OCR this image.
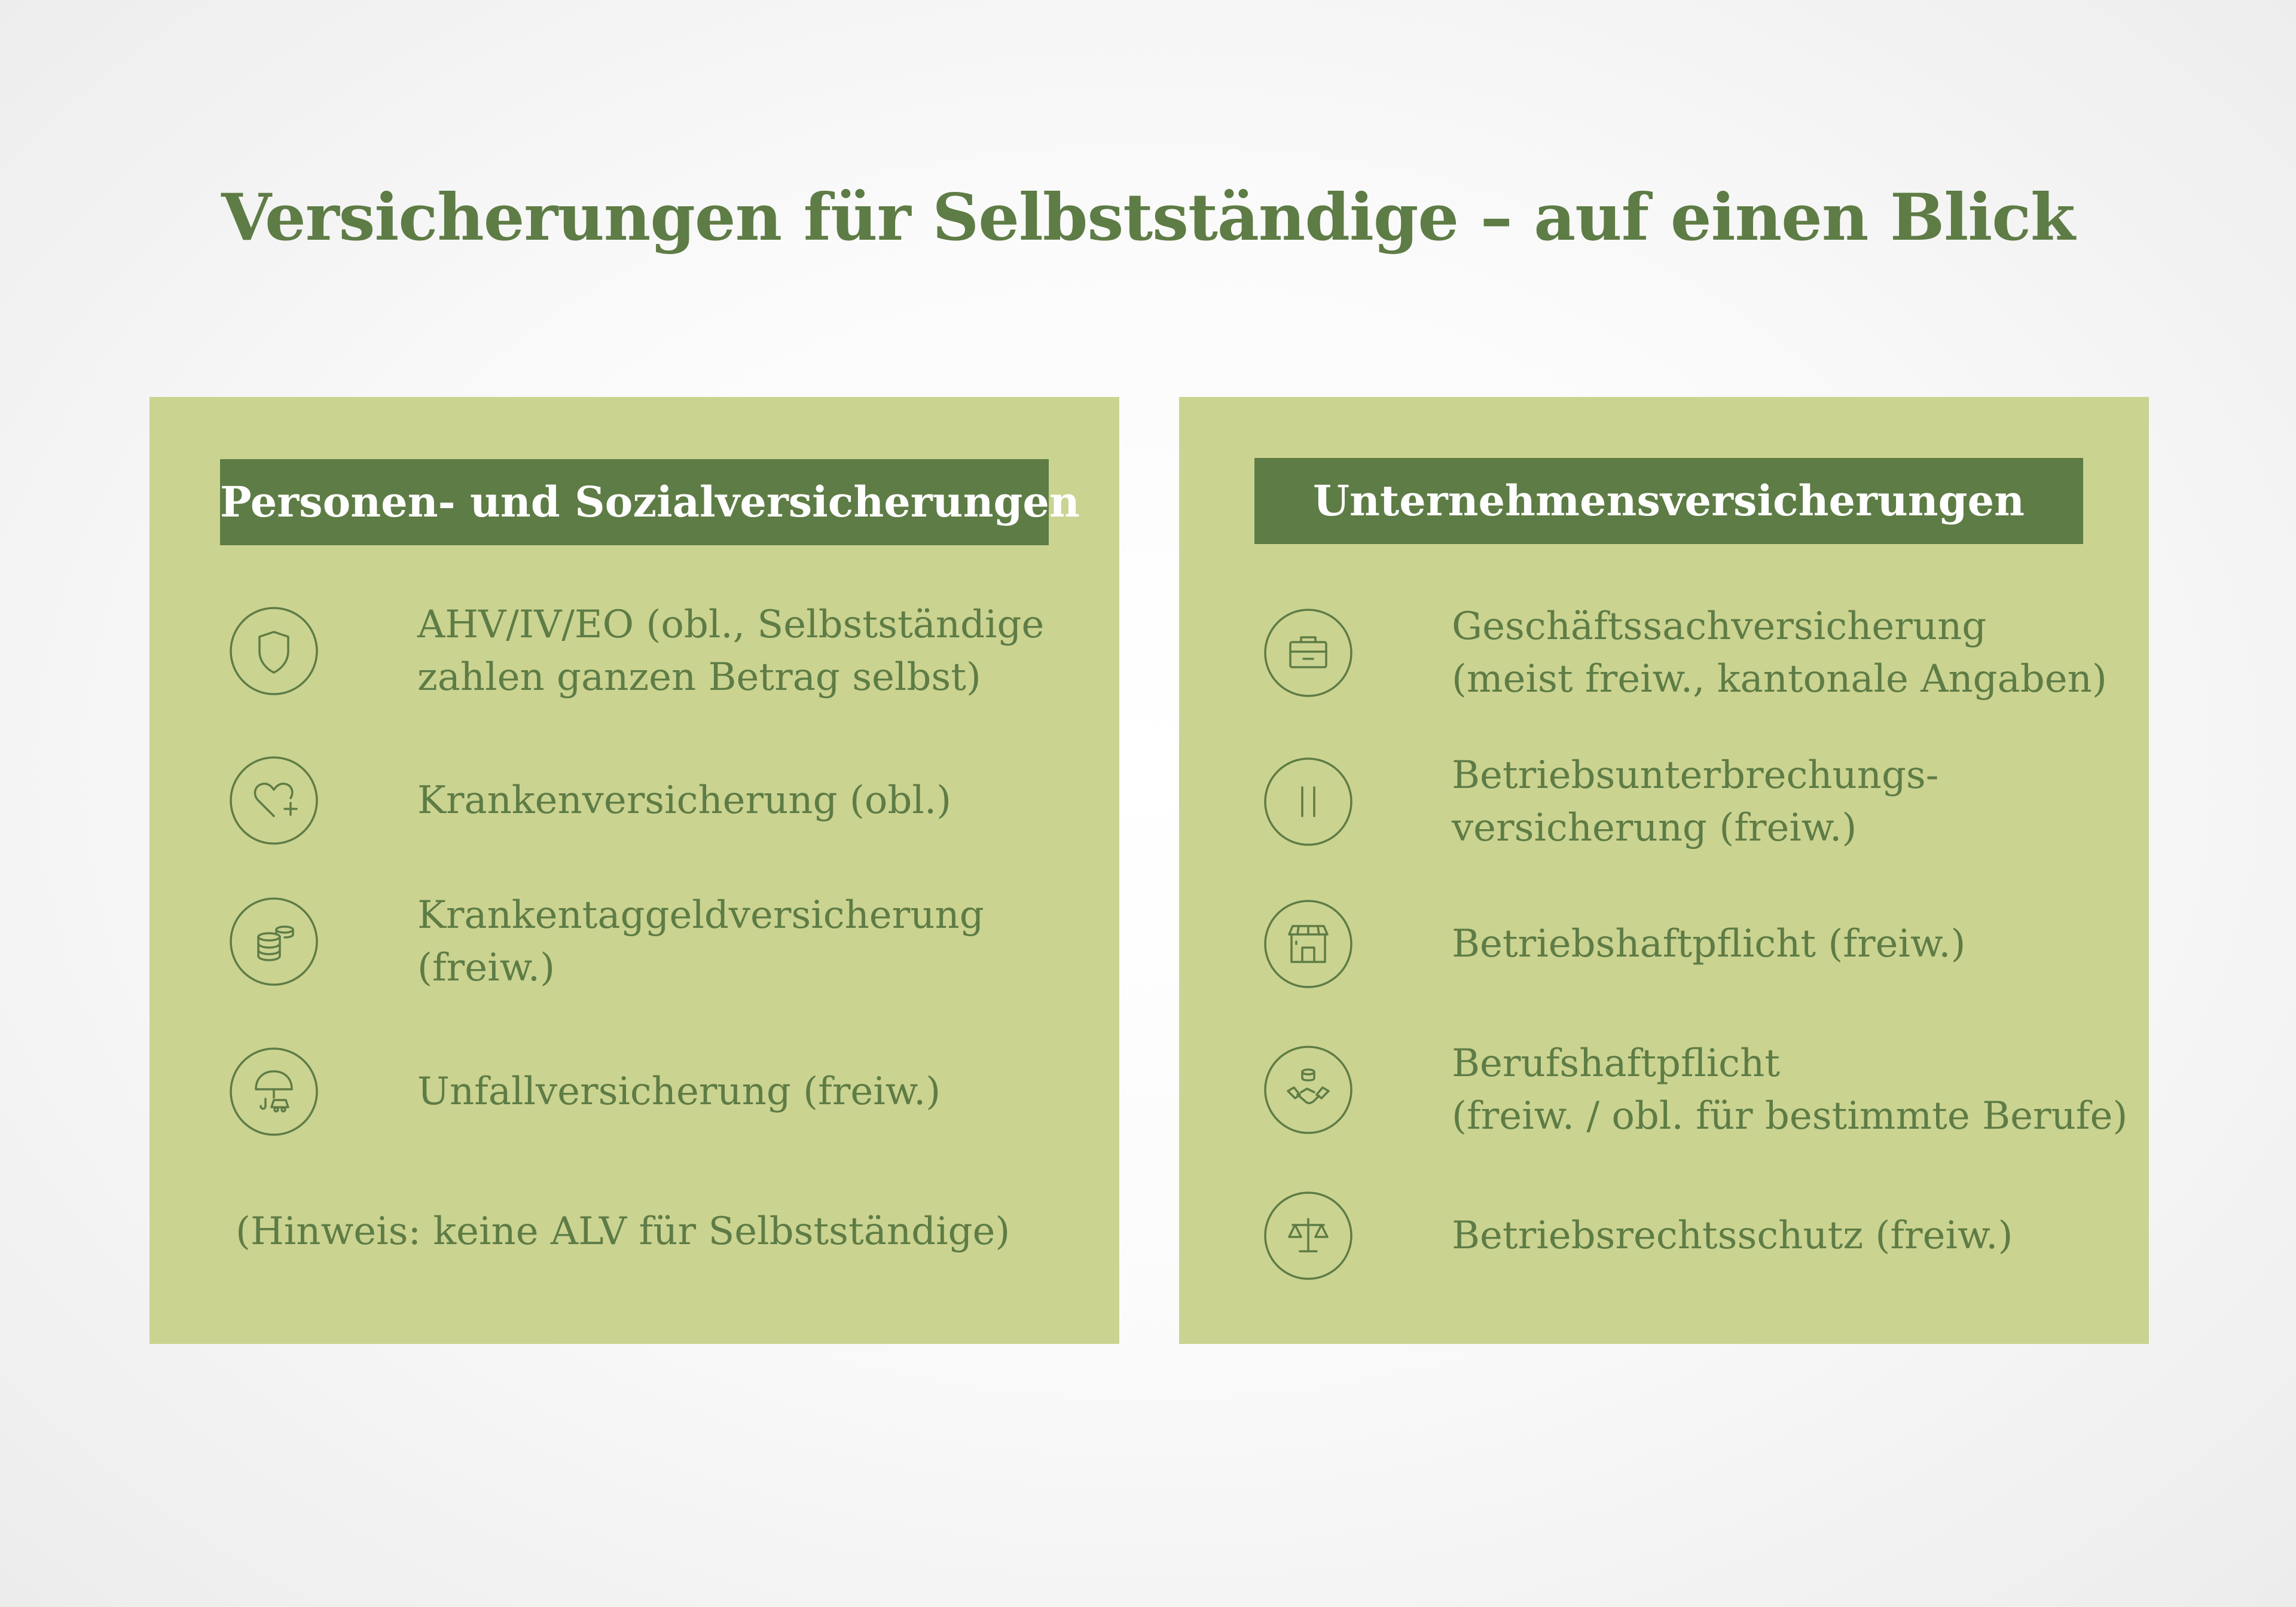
Versicherungen für Selbstständige – auf einen Blick
Personen- und Sozialversicherungen
AHV/IV/EO (obl., Selbstständige
zahlen ganzen Betrag selbst)
Krankenversicherung (obl.)
Krankentaggeldversicherung
(freiw.)
Unfallversicherung (freiw.)
(Hinweis: keine ALV für Selbstständige)
Unternehmensversicherungen
Geschäftssachversicherung
(meist freiw., kantonale Angaben)
Betriebsunterbrechungs-
versicherung (freiw.)
Betriebshaftpflicht (freiw.)
Berufshaftpflicht
(freiw. / obl. für bestimmte Berufe)
Betriebsrechtsschutz (freiw.)
